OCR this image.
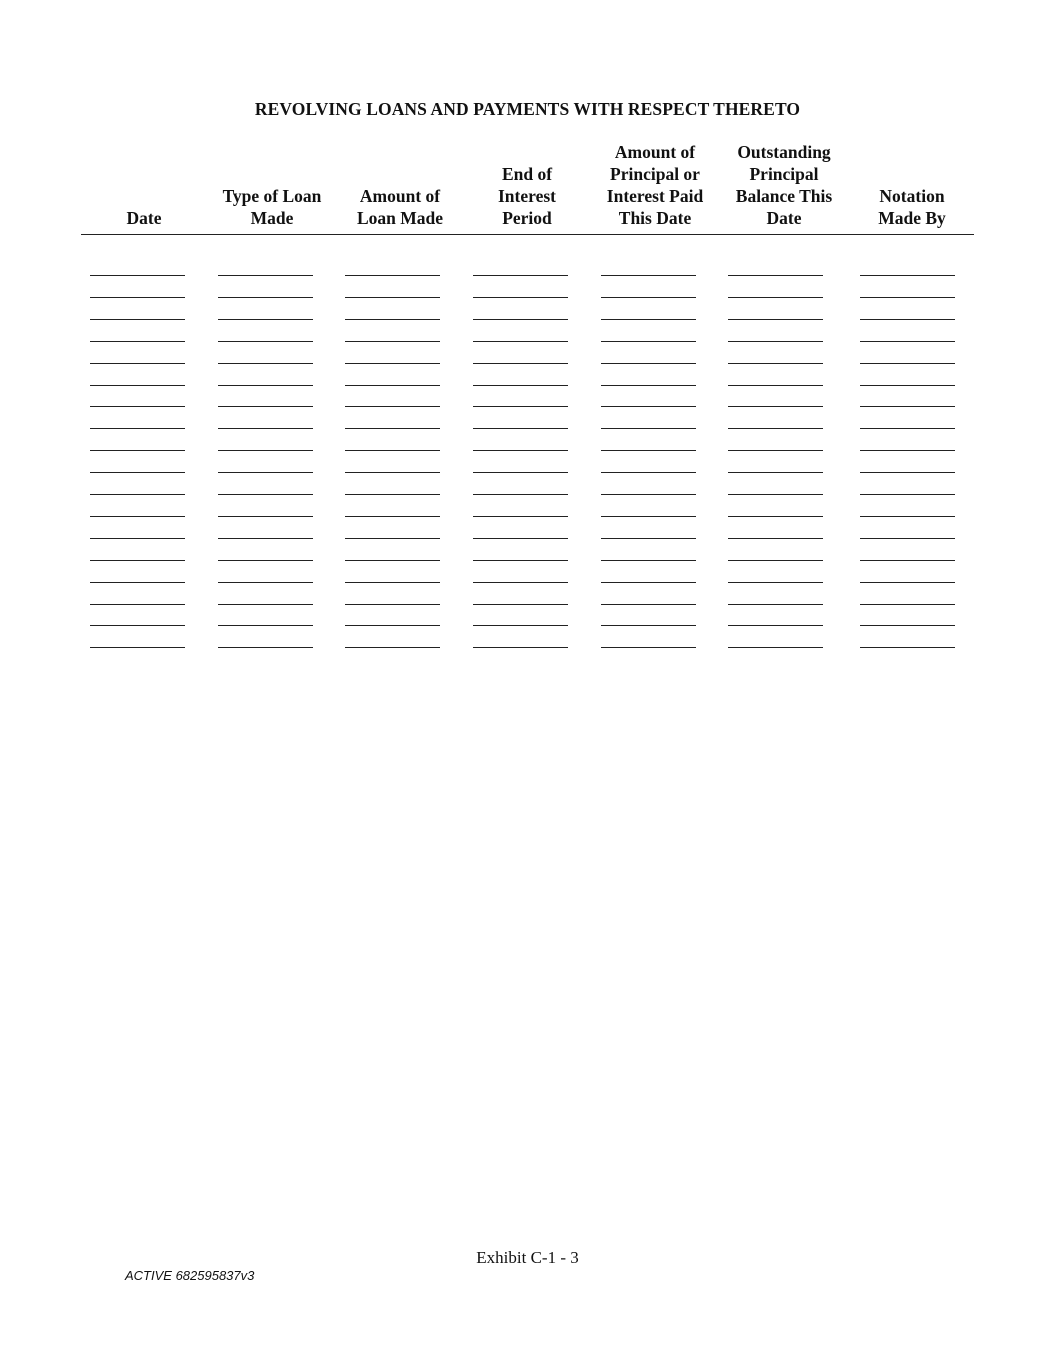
REVOLVING LOANS AND PAYMENTS WITH RESPECT THERETO
Date
Type of Loan
Made
Amount of
Loan Made
End of
Interest
Period
Amount of
Principal or
Interest Paid
This Date
Outstanding
Principal
Balance This
Date
Notation
Made By
Exhibit C-1 - 3
ACTIVE 682595837v3
